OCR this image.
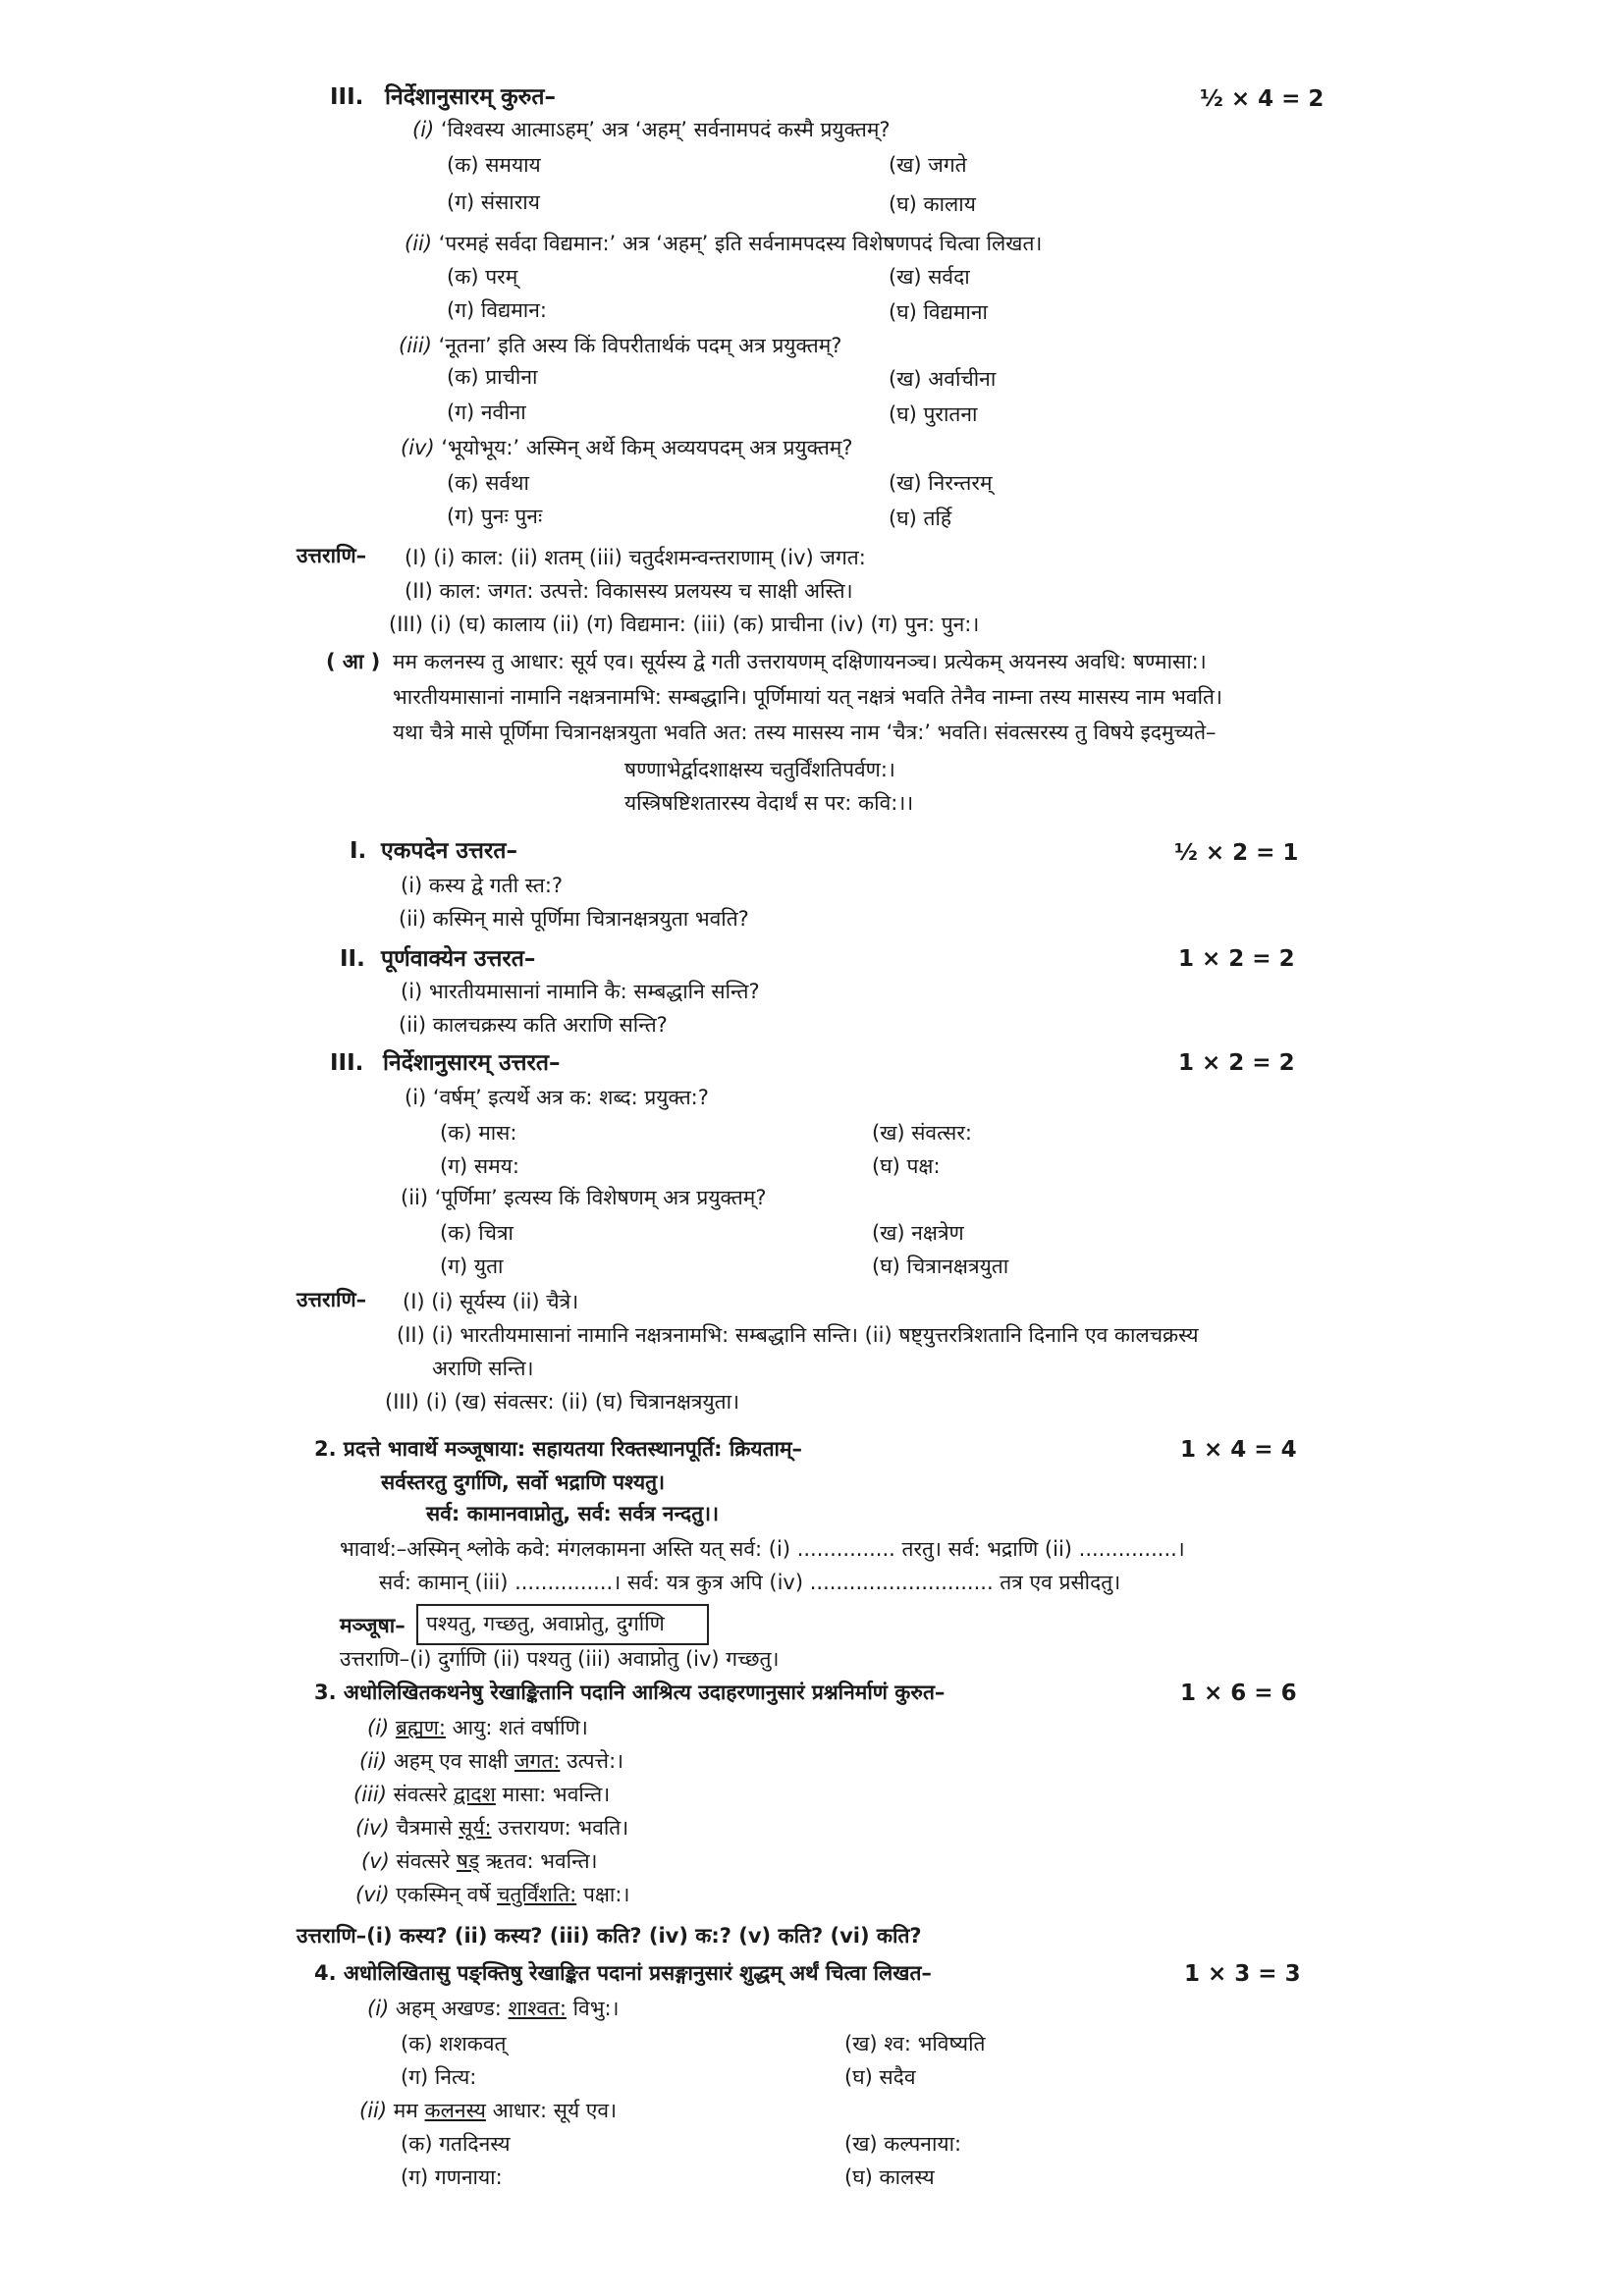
III. निर्देशानुसारम् कुरुत–	½ × 4 = 2
(i) ‘विश्वस्य आत्माऽहम्’ अत्र ‘अहम्’ सर्वनामपदं कस्मै प्रयुक्तम्?
(क) समयाय	(ख) जगते
(ग) संसाराय	(घ) कालाय
(ii) ‘परमहं सर्वदा विद्यमान:’ अत्र ‘अहम्’ इति सर्वनामपदस्य विशेषणपदं चित्वा लिखत।
(क) परम्	(ख) सर्वदा
(ग) विद्यमान:	(घ) विद्यमाना
(iii) ‘नूतना’ इति अस्य किं विपरीतार्थकं पदम् अत्र प्रयुक्तम्?
(क) प्राचीना	(ख) अर्वाचीना
(ग) नवीना	(घ) पुरातना
(iv) ‘भूयोभूय:’ अस्मिन् अर्थे किम् अव्ययपदम् अत्र प्रयुक्तम्?
(क) सर्वथा	(ख) निरन्तरम्
(ग) पुनः पुनः	(घ) तर्हि
उत्तराणि– (I) (i) काल: (ii) शतम् (iii) चतुर्दशमन्वन्तराणाम् (iv) जगत:
(II) काल: जगत: उत्पत्ते: विकासस्य प्रलयस्य च साक्षी अस्ति।
(III) (i) (घ) कालाय (ii) (ग) विद्यमान: (iii) (क) प्राचीना (iv) (ग) पुन: पुन:।
( आ ) मम कलनस्य तु आधार: सूर्य एव। सूर्यस्य द्वे गती उत्तरायणम् दक्षिणायनञ्च। प्रत्येकम् अयनस्य अवधि: षण्मासा:।
भारतीयमासानां नामानि नक्षत्रनामभि: सम्बद्धानि। पूर्णिमायां यत् नक्षत्रं भवति तेनैव नाम्ना तस्य मासस्य नाम भवति।
यथा चैत्रे मासे पूर्णिमा चित्रानक्षत्रयुता भवति अत: तस्य मासस्य नाम ‘चैत्र:’ भवति। संवत्सरस्य तु विषये इदमुच्यते–
षण्णाभेर्द्वादशाक्षस्य चतुर्विंशतिपर्वण:।
यस्त्रिषष्टिशतारस्य वेदार्थं स पर: कवि:।।
I. एकपदेन उत्तरत–	½ × 2 = 1
(i) कस्य द्वे गती स्त:?
(ii) कस्मिन् मासे पूर्णिमा चित्रानक्षत्रयुता भवति?
II. पूर्णवाक्येन उत्तरत–	1 × 2 = 2
(i) भारतीयमासानां नामानि कै: सम्बद्धानि सन्ति?
(ii) कालचक्रस्य कति अराणि सन्ति?
III. निर्देशानुसारम् उत्तरत–	1 × 2 = 2
(i) ‘वर्षम्’ इत्यर्थे अत्र क: शब्द: प्रयुक्त:?
(क) मास:	(ख) संवत्सर:
(ग) समय:	(घ) पक्ष:
(ii) ‘पूर्णिमा’ इत्यस्य किं विशेषणम् अत्र प्रयुक्तम्?
(क) चित्रा	(ख) नक्षत्रेण
(ग) युता	(घ) चित्रानक्षत्रयुता
उत्तराणि– (I) (i) सूर्यस्य (ii) चैत्रे।
(II) (i) भारतीयमासानां नामानि नक्षत्रनामभि: सम्बद्धानि सन्ति। (ii) षष्ट्युत्तरत्रिशतानि दिनानि एव कालचक्रस्य
अराणि सन्ति।
(III) (i) (ख) संवत्सर: (ii) (घ) चित्रानक्षत्रयुता।
2. प्रदत्ते भावार्थे मञ्जूषाया: सहायतया रिक्तस्थानपूर्ति: क्रियताम्–	1 × 4 = 4
सर्वस्तरतु दुर्गाणि, सर्वो भद्राणि पश्यतु।
सर्व: कामानवाप्नोतु, सर्व: सर्वत्र नन्दतु।।
भावार्थ:–अस्मिन् श्लोके कवे: मंगलकामना अस्ति यत् सर्व: (i) ............... तरतु। सर्व: भद्राणि (ii) ...............।
सर्व: कामान् (iii) ...............। सर्व: यत्र कुत्र अपि (iv) ............................ तत्र एव प्रसीदतु।
मञ्जूषा– पश्यतु, गच्छतु, अवाप्नोतु, दुर्गाणि
उत्तराणि–(i) दुर्गाणि (ii) पश्यतु (iii) अवाप्नोतु (iv) गच्छतु।
3. अधोलिखितकथनेषु रेखाङ्कितानि पदानि आश्रित्य उदाहरणानुसारं प्रश्ननिर्माणं कुरुत–	1 × 6 = 6
(i) ब्रह्मण: आयु: शतं वर्षाणि।
(ii) अहम् एव साक्षी जगत: उत्पत्ते:।
(iii) संवत्सरे द्वादश मासा: भवन्ति।
(iv) चैत्रमासे सूर्य: उत्तरायण: भवति।
(v) संवत्सरे षड् ऋतव: भवन्ति।
(vi) एकस्मिन् वर्षे चतुर्विंशति: पक्षा:।
उत्तराणि–(i) कस्य? (ii) कस्य? (iii) कति? (iv) क:? (v) कति? (vi) कति?
4. अधोलिखितासु पङ्क्तिषु रेखाङ्कित पदानां प्रसङ्गानुसारं शुद्धम् अर्थं चित्वा लिखत–	1 × 3 = 3
(i) अहम् अखण्ड: शाश्वत: विभु:।
(क) शशकवत्	(ख) श्व: भविष्यति
(ग) नित्य:	(घ) सदैव
(ii) मम कलनस्य आधार: सूर्य एव।
(क) गतदिनस्य	(ख) कल्पनाया:
(ग) गणनाया:	(घ) कालस्य
